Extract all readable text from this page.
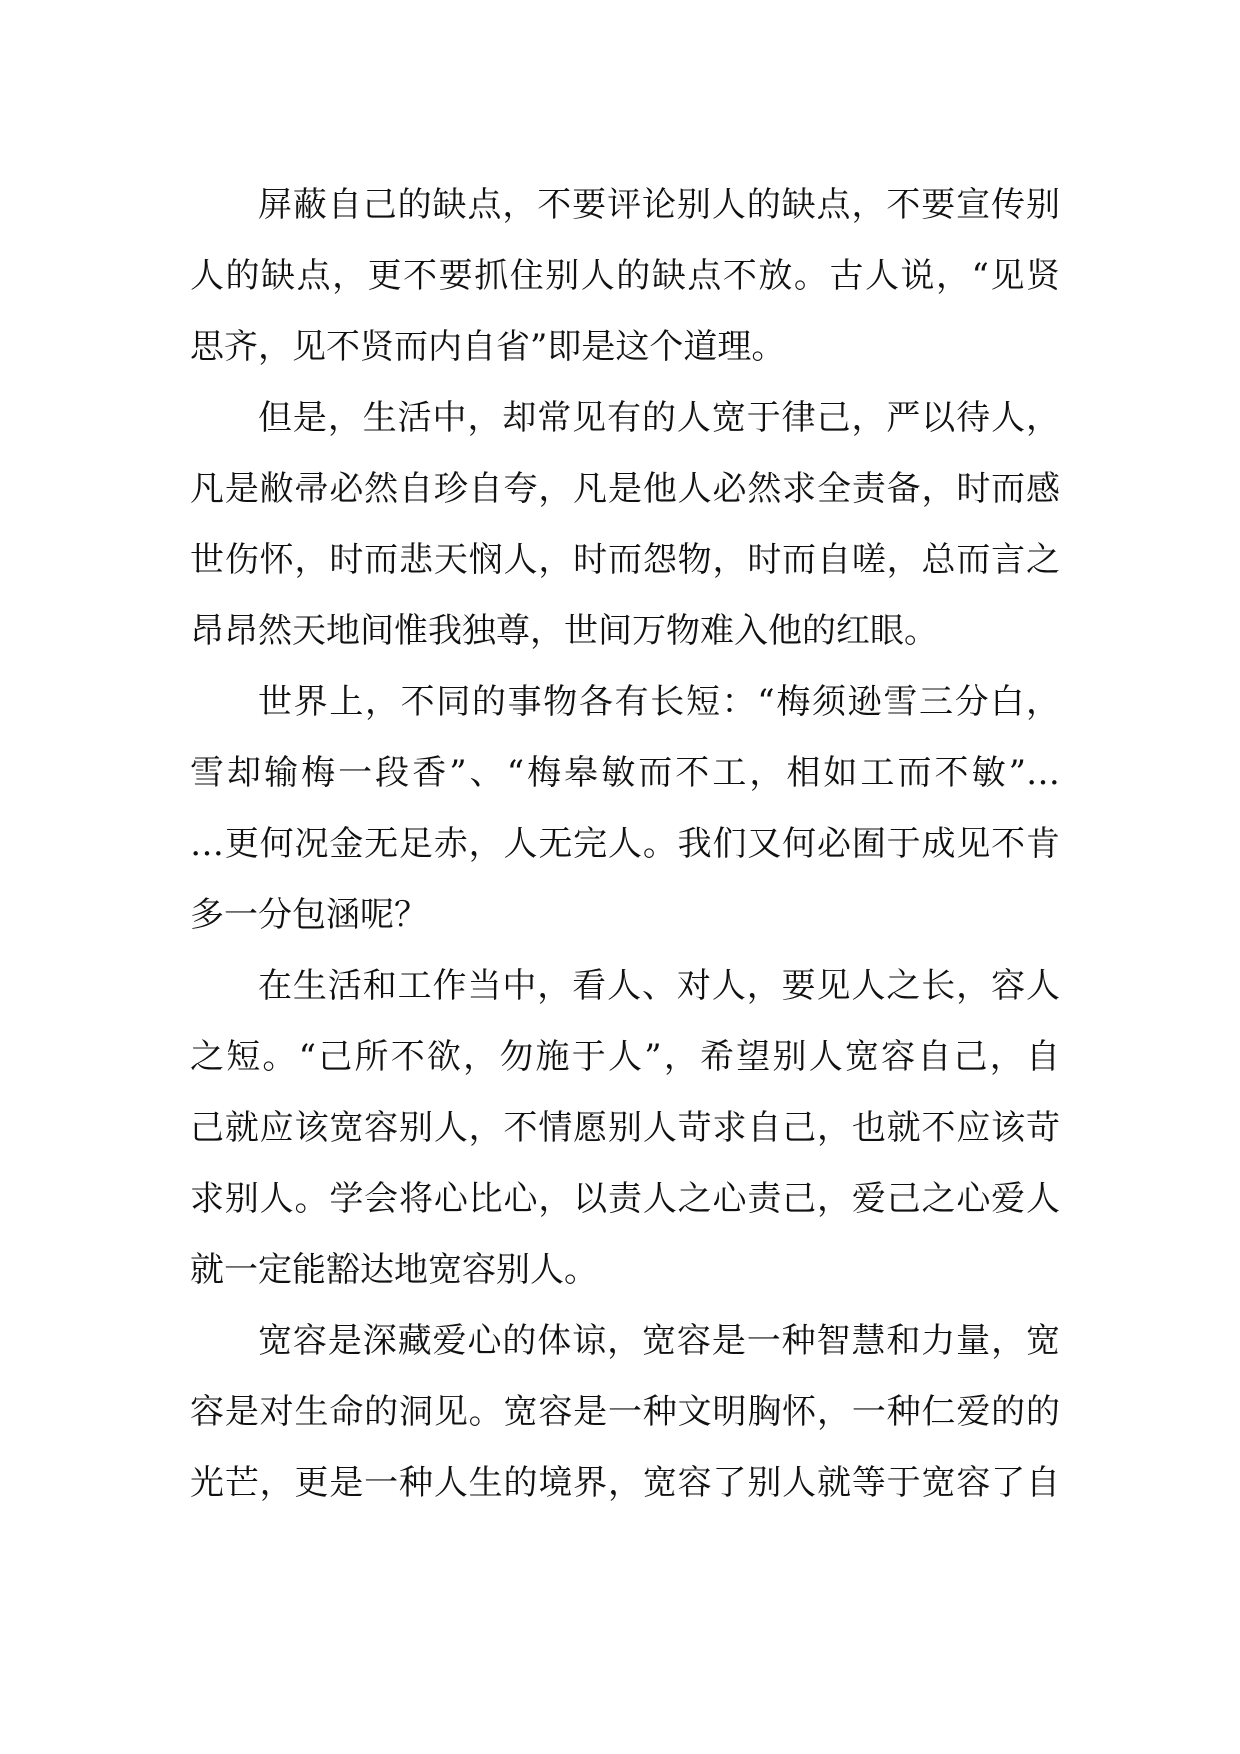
屏蔽自己的缺点，不要评论别人的缺点，不要宣传别
人的缺点，更不要抓住别人的缺点不放。古人说，“见贤
思齐，见不贤而内自省”即是这个道理。
但是，生活中，却常见有的人宽于律己，严以待人，
凡是敝帚必然自珍自夸，凡是他人必然求全责备，时而感
世伤怀，时而悲天悯人，时而怨物，时而自嗟，总而言之
昂昂然天地间惟我独尊，世间万物难入他的红眼。
世界上，不同的事物各有长短：“梅须逊雪三分白，
雪却输梅一段香”、“梅皋敏而不工，相如工而不敏”…
…更何况金无足赤，人无完人。我们又何必囿于成见不肯
多一分包涵呢？
在生活和工作当中，看人、对人，要见人之长，容人
之短。“己所不欲，勿施于人”，希望别人宽容自己，自
己就应该宽容别人，不情愿别人苛求自己，也就不应该苛
求别人。学会将心比心，以责人之心责己，爱己之心爱人
就一定能豁达地宽容别人。
宽容是深藏爱心的体谅，宽容是一种智慧和力量，宽
容是对生命的洞见。宽容是一种文明胸怀，一种仁爱的的
光芒，更是一种人生的境界，宽容了别人就等于宽容了自
